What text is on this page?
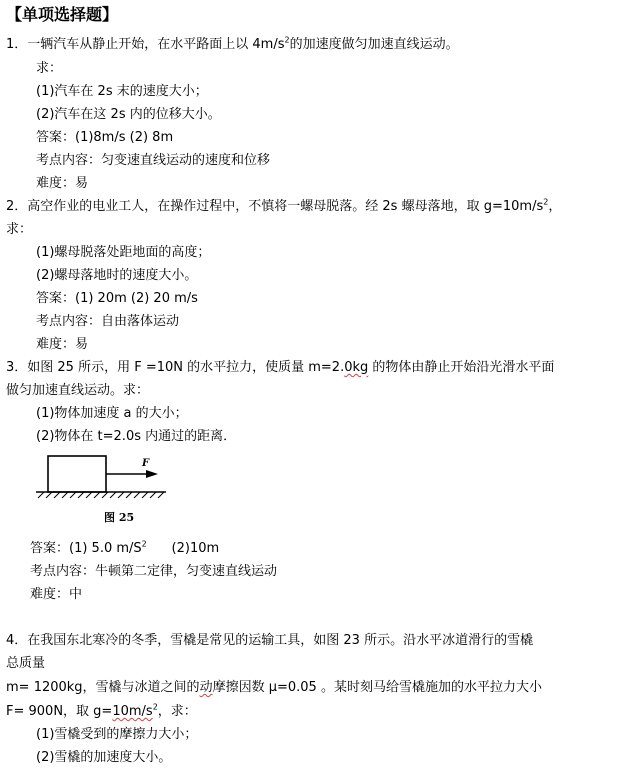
【单项选择题】
1．一辆汽车从静止开始，在水平路面上以 $4m/s^2$的加速度做匀加速直线运动。
求：
(1)汽车在 2s 末的速度大小；
(2)汽车在这 2s 内的位移大小。
答案：(1)8m/s (2) 8m
考点内容：匀变速直线运动的速度和位移
难度：易
2．高空作业的电业工人，在操作过程中，不慎将一螺母脱落。经 2s 螺母落地，取 $g=10m/s^2$，
求：
(1)螺母脱落处距地面的高度；
(2)螺母落地时的速度大小。
答案：(1) 20m (2) 20 m/s
考点内容：自由落体运动
难度：易
3．如图 25 所示，用 F =10N 的水平拉力，使质量 m=2.0kg 的物体由静止开始沿光滑水平面
做匀加速直线运动。求：
(1)物体加速度 a 的大小；
(2)物体在 t=2.0s 内通过的距离．
F
图 25
答案：(1) 5.0 $m/S^2$      (2)10m
考点内容：牛顿第二定律，匀变速直线运动
难度：中
4．在我国东北寒冷的冬季，雪橇是常见的运输工具，如图 23 所示。沿水平冰道滑行的雪橇
总质量
m= 1200kg，雪橇与冰道之间的动摩擦因数 μ=0.05 。某时刻马给雪橇施加的水平拉力大小
F= 900N，取 $g=10m/s^2$，求：
(1)雪橇受到的摩擦力大小；
(2)雪橇的加速度大小。
